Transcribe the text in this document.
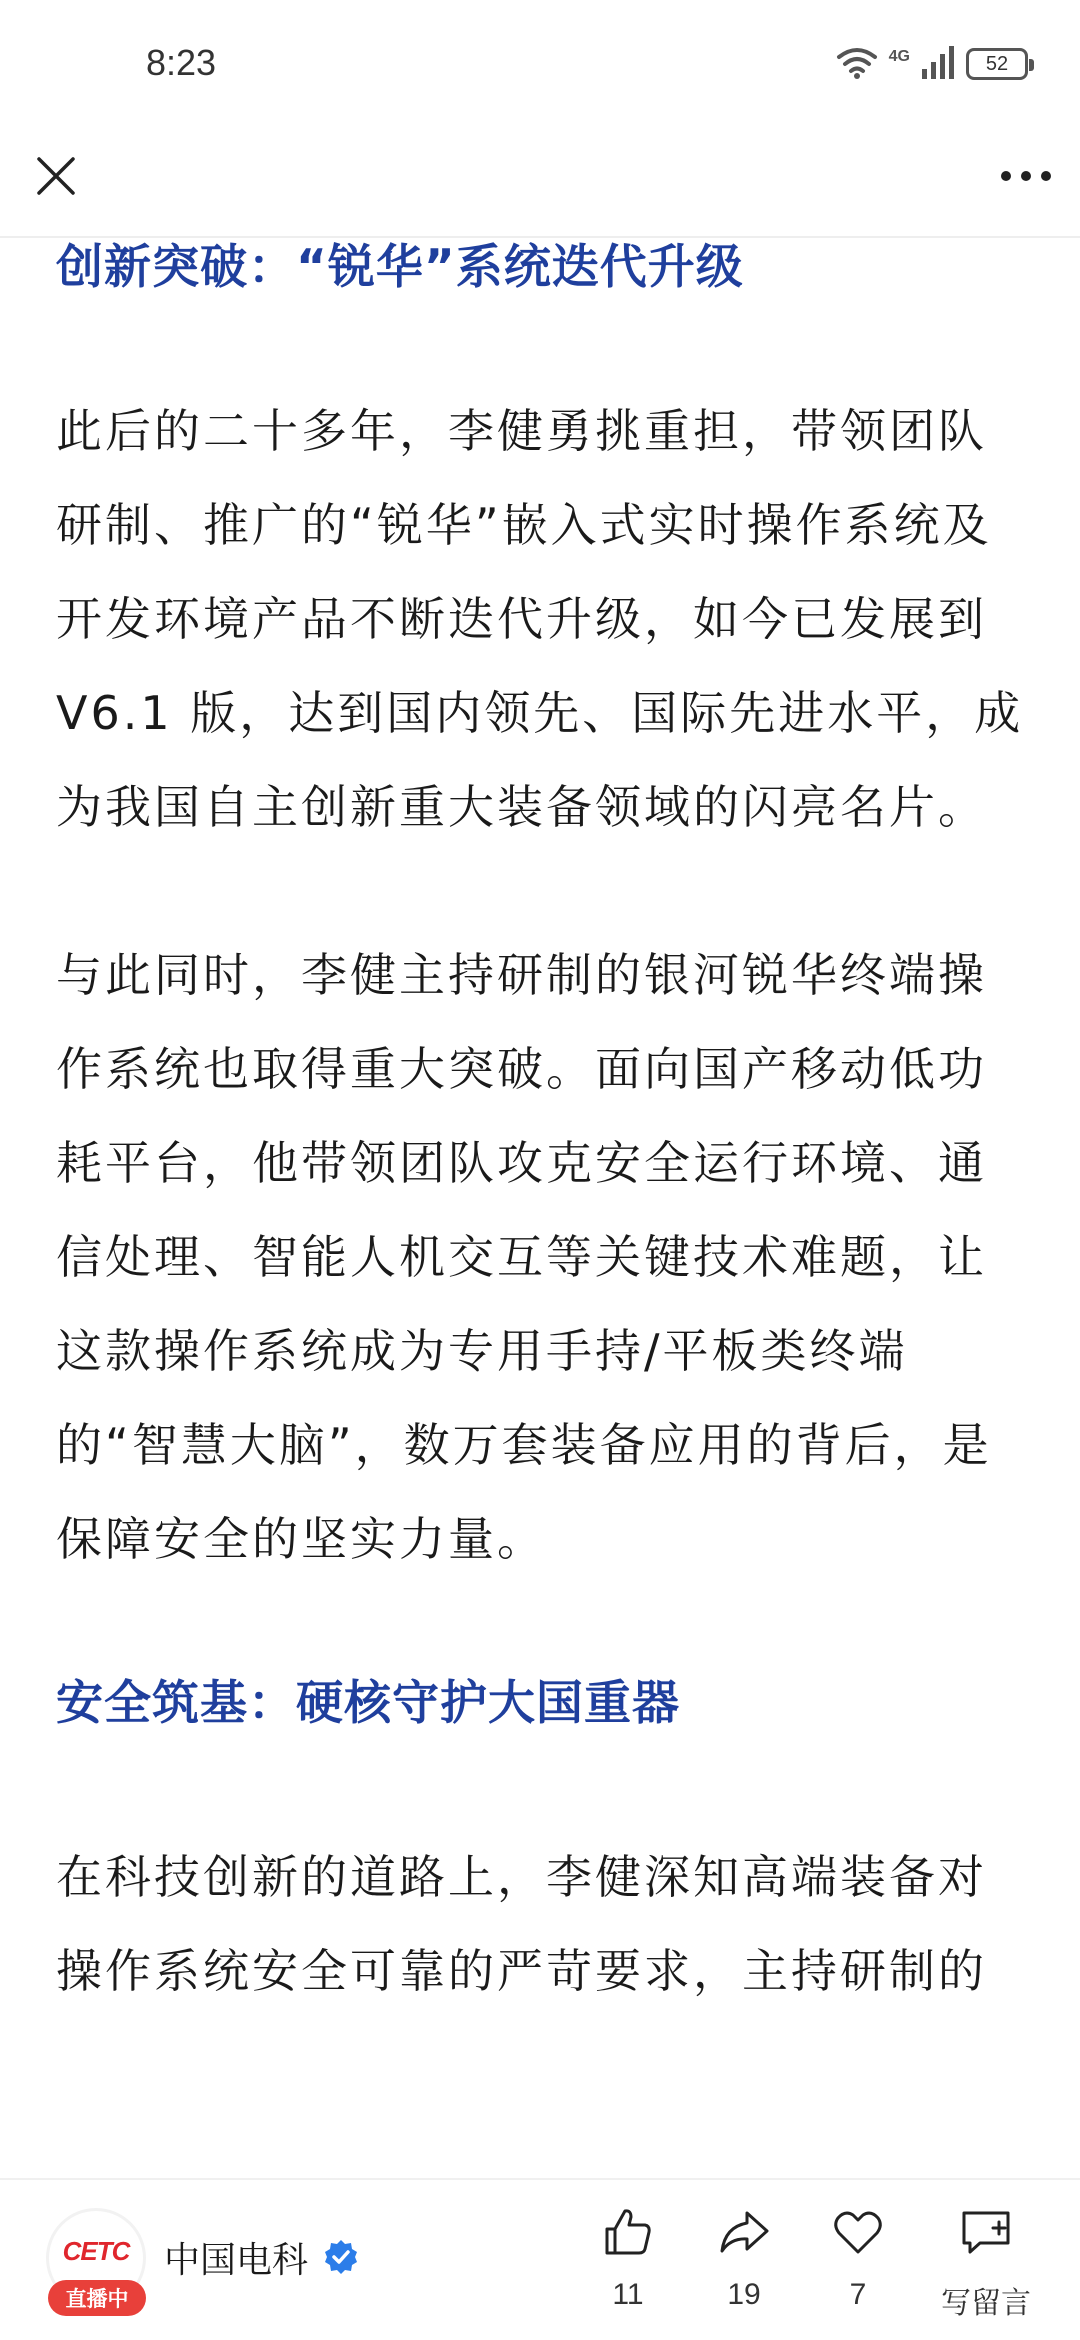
8:23	4G	52
创新突破：“锐华”系统迭代升级
此后的二十多年，李健勇挑重担，带领团队研制、推广的“锐华”嵌入式实时操作系统及开发环境产品不断迭代升级，如今已发展到V6.1 版，达到国内领先、国际先进水平，成为我国自主创新重大装备领域的闪亮名片。
与此同时，李健主持研制的银河锐华终端操作系统也取得重大突破。面向国产移动低功耗平台，他带领团队攻克安全运行环境、通信处理、智能人机交互等关键技术难题，让这款操作系统成为专用手持/平板类终端的“智慧大脑”，数万套装备应用的背后，是保障安全的坚实力量。
安全筑基：硬核守护大国重器
在科技创新的道路上，李健深知高端装备对操作系统安全可靠的严苛要求，主持研制的
CETC
直播中
中国电科
11	19	7 写留言
